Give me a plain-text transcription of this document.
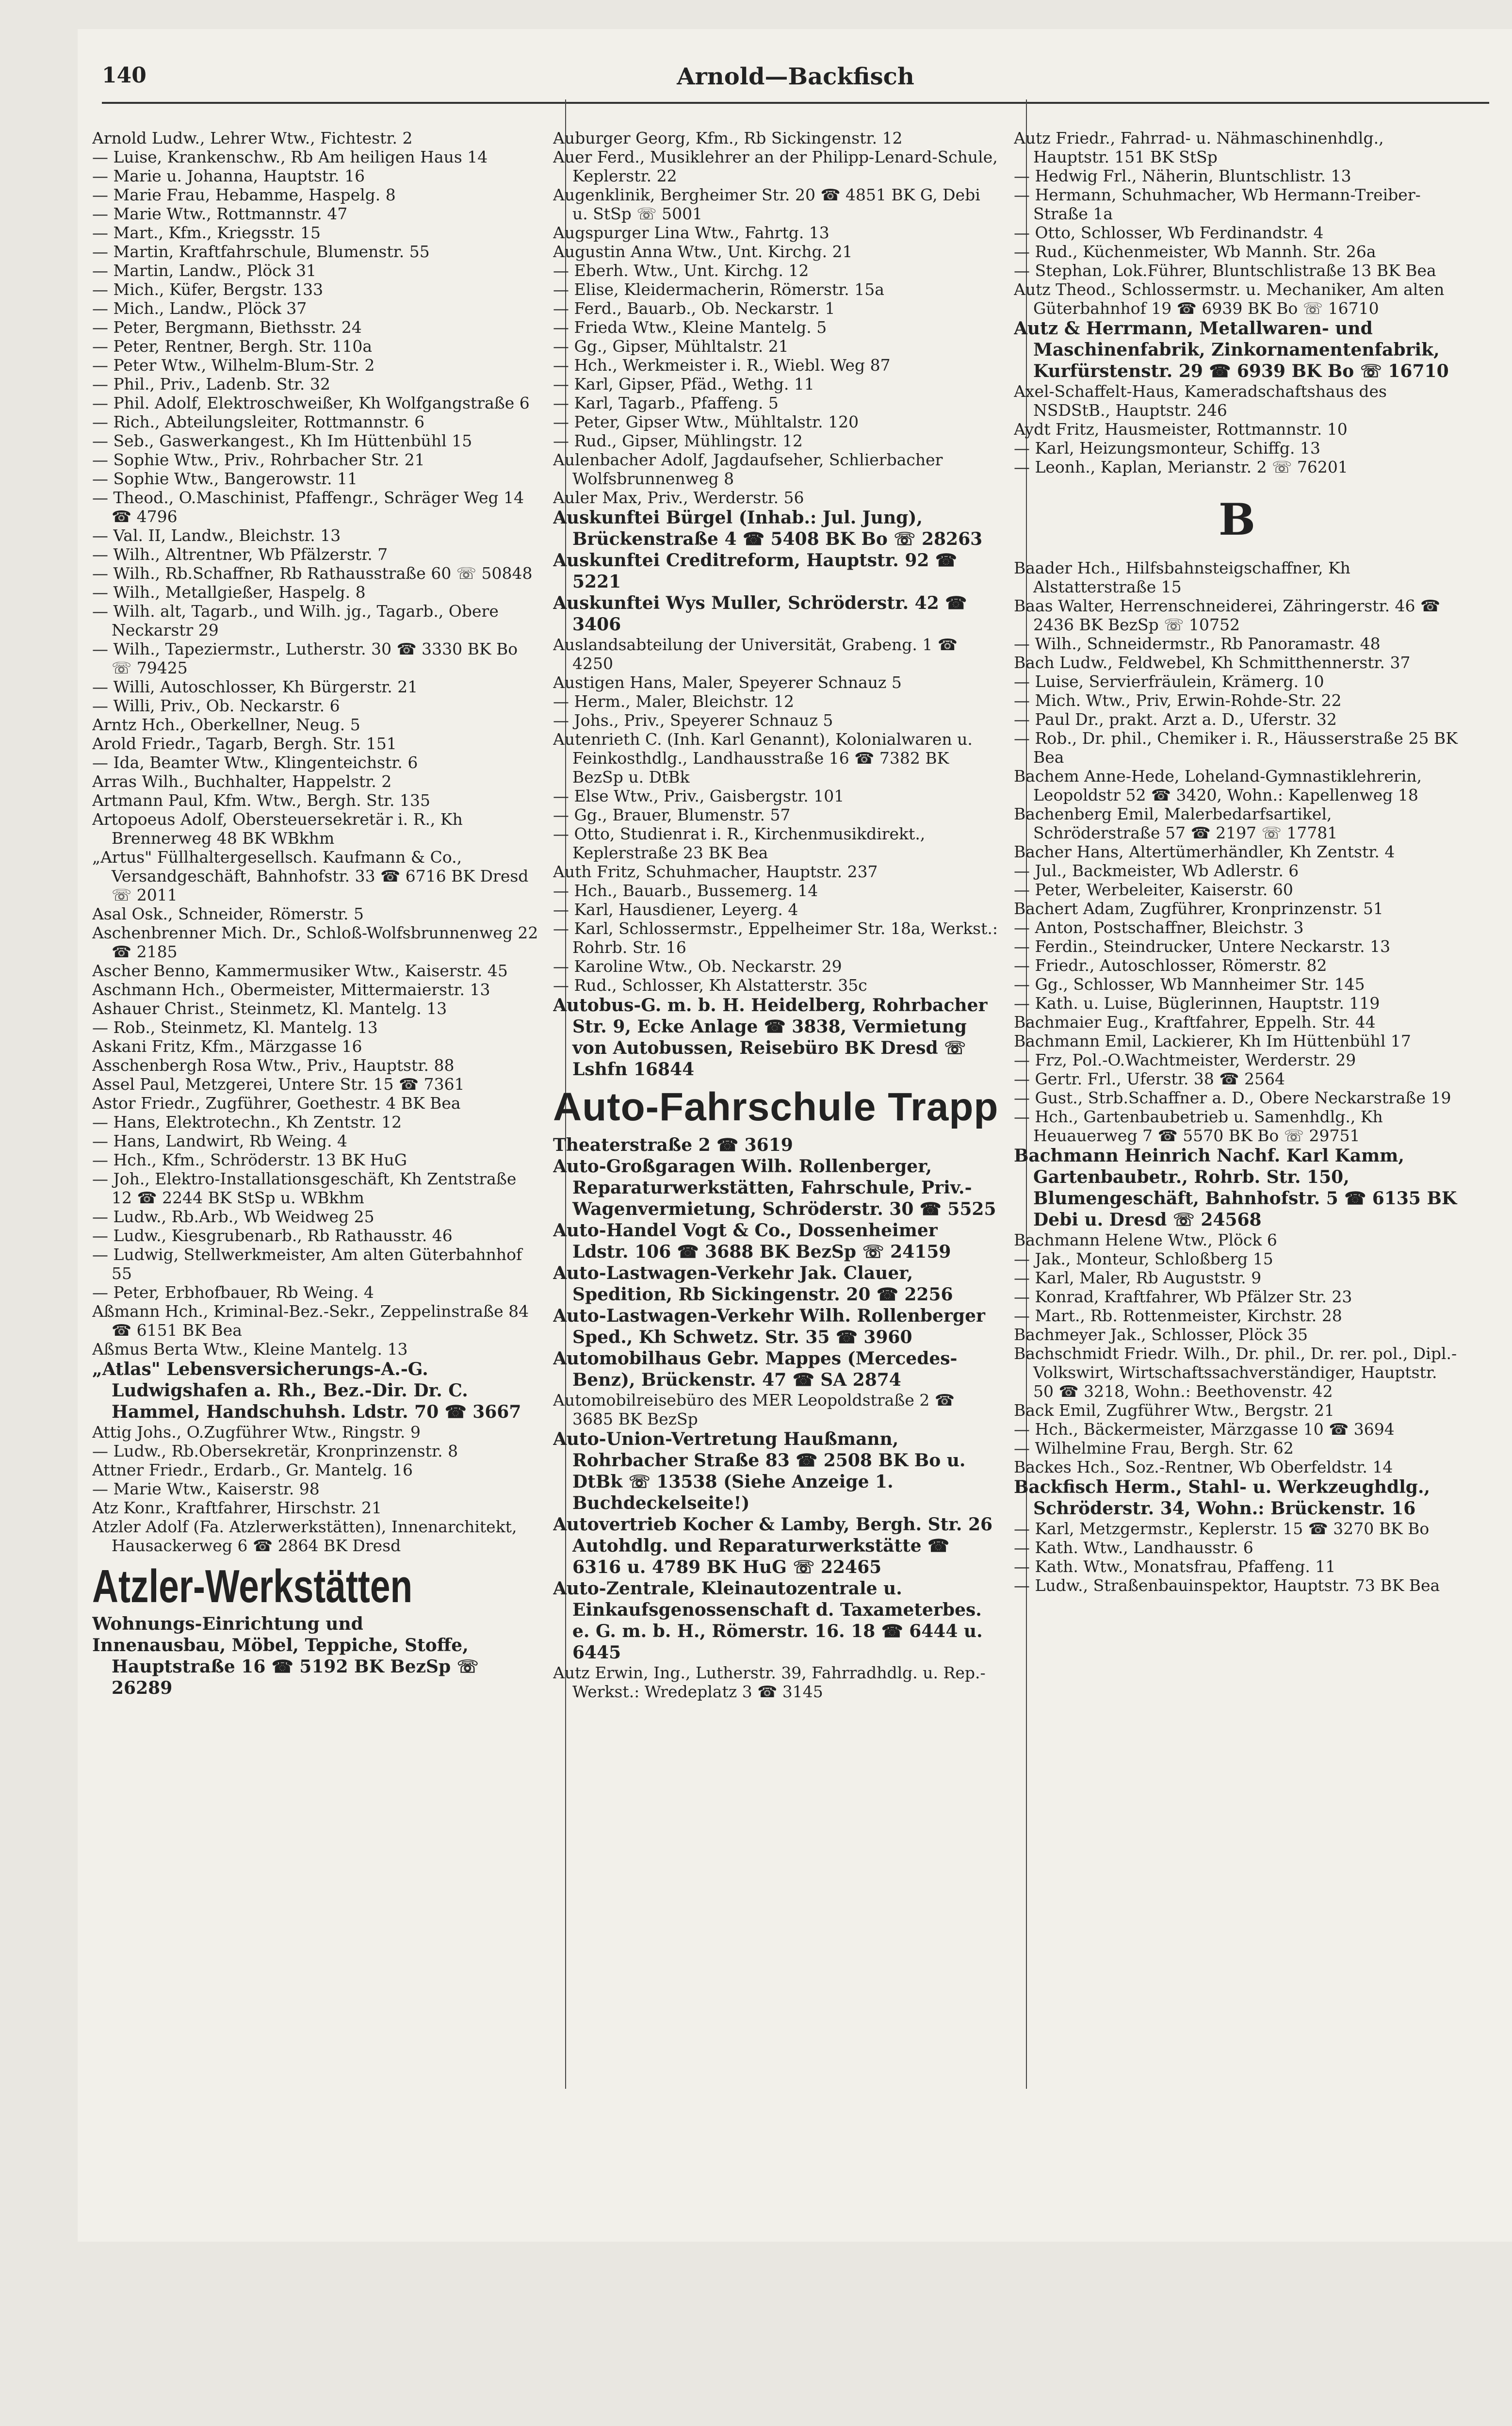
140	Arnold—Backfisch

Arnold Ludw., Lehrer Wtw., Fichtestr. 2

— Luise, Krankenschw., Rb Am heiligen Haus 14

— Marie u. Johanna, Hauptstr. 16

— Marie Frau, Hebamme, Haspelg. 8

— Marie Wtw., Rottmannstr. 47

— Mart., Kfm., Kriegsstr. 15

— Martin, Kraftfahrschule, Blumenstr. 55

— Martin, Landw., Plöck 31

— Mich., Küfer, Bergstr. 133

— Mich., Landw., Plöck 37

— Peter, Bergmann, Biethsstr. 24

— Peter, Rentner, Bergh. Str. 110a

— Peter Wtw., Wilhelm-Blum-Str. 2

— Phil., Priv., Ladenb. Str. 32

— Phil. Adolf, Elektroschweißer, Kh Wolfgangstraße 6

— Rich., Abteilungsleiter, Rottmannstr. 6

— Seb., Gaswerkangest., Kh Im Hüttenbühl 15

— Sophie Wtw., Priv., Rohrbacher Str. 21

— Sophie Wtw., Bangerowstr. 11

— Theod., O.Maschinist, Pfaffengr., Schräger Weg 14 ☎ 4796

— Val. II, Landw., Bleichstr. 13

— Wilh., Altrentner, Wb Pfälzerstr. 7

— Wilh., Rb.Schaffner, Rb Rathausstraße 60 ☏ 50848

— Wilh., Metallgießer, Haspelg. 8

— Wilh. alt, Tagarb., und Wilh. jg., Tagarb., Obere Neckarstr 29

— Wilh., Tapeziermstr., Lutherstr. 30 ☎ 3330 BK Bo ☏ 79425

— Willi, Autoschlosser, Kh Bürgerstr. 21

— Willi, Priv., Ob. Neckarstr. 6

Arntz Hch., Oberkellner, Neug. 5

Arold Friedr., Tagarb, Bergh. Str. 151

— Ida, Beamter Wtw., Klingenteichstr. 6

Arras Wilh., Buchhalter, Happelstr. 2

Artmann Paul, Kfm. Wtw., Bergh. Str. 135

Artopoeus Adolf, Obersteuersekretär i. R., Kh Brennerweg 48 BK WBkhm

„Artus" Füllhaltergesellsch. Kaufmann & Co., Versandgeschäft, Bahnhofstr. 33 ☎ 6716 BK Dresd ☏ 2011

Asal Osk., Schneider, Römerstr. 5

Aschenbrenner Mich. Dr., Schloß-Wolfsbrunnenweg 22 ☎ 2185

Ascher Benno, Kammermusiker Wtw., Kaiserstr. 45

Aschmann Hch., Obermeister, Mittermaierstr. 13

Ashauer Christ., Steinmetz, Kl. Mantelg. 13

— Rob., Steinmetz, Kl. Mantelg. 13

Askani Fritz, Kfm., Märzgasse 16

Asschenbergh Rosa Wtw., Priv., Hauptstr. 88

Assel Paul, Metzgerei, Untere Str. 15 ☎ 7361

Astor Friedr., Zugführer, Goethestr. 4 BK Bea

— Hans, Elektrotechn., Kh Zentstr. 12

— Hans, Landwirt, Rb Weing. 4

— Hch., Kfm., Schröderstr. 13 BK HuG

— Joh., Elektro-Installationsgeschäft, Kh Zentstraße 12 ☎ 2244 BK StSp u. WBkhm

— Ludw., Rb.Arb., Wb Weidweg 25

— Ludw., Kiesgrubenarb., Rb Rathausstr. 46

— Ludwig, Stellwerkmeister, Am alten Güterbahnhof 55

— Peter, Erbhofbauer, Rb Weing. 4

Aßmann Hch., Kriminal-Bez.-Sekr., Zeppelinstraße 84 ☎ 6151 BK Bea

Aßmus Berta Wtw., Kleine Mantelg. 13

„Atlas" Lebensversicherungs-A.-G. Ludwigshafen a. Rh., Bez.-Dir. Dr. C. Hammel, Handschuhsh. Ldstr. 70 ☎ 3667

Attig Johs., O.Zugführer Wtw., Ringstr. 9

— Ludw., Rb.Obersekretär, Kronprinzenstr. 8

Attner Friedr., Erdarb., Gr. Mantelg. 16

— Marie Wtw., Kaiserstr. 98

Atz Konr., Kraftfahrer, Hirschstr. 21

Atzler Adolf (Fa. Atzlerwerkstätten), Innenarchitekt, Hausackerweg 6 ☎ 2864 BK Dresd

Atzler-Werkstätten
Wohnungs-Einrichtung und
Innenausbau, Möbel, Teppiche, Stoffe, Hauptstraße 16 ☎ 5192 BK BezSp ☏ 26289

Auburger Georg, Kfm., Rb Sickingenstr. 12

Auer Ferd., Musiklehrer an der Philipp-Lenard-Schule, Keplerstr. 22

Augenklinik, Bergheimer Str. 20 ☎ 4851 BK G, Debi u. StSp ☏ 5001

Augspurger Lina Wtw., Fahrtg. 13

Augustin Anna Wtw., Unt. Kirchg. 21

— Eberh. Wtw., Unt. Kirchg. 12

— Elise, Kleidermacherin, Römerstr. 15a

— Ferd., Bauarb., Ob. Neckarstr. 1

— Frieda Wtw., Kleine Mantelg. 5

— Gg., Gipser, Mühltalstr. 21

— Hch., Werkmeister i. R., Wiebl. Weg 87

— Karl, Gipser, Pfäd., Wethg. 11

— Karl, Tagarb., Pfaffeng. 5

— Peter, Gipser Wtw., Mühltalstr. 120

— Rud., Gipser, Mühlingstr. 12

Aulenbacher Adolf, Jagdaufseher, Schlierbacher Wolfsbrunnenweg 8

Auler Max, Priv., Werderstr. 56

Auskunftei Bürgel (Inhab.: Jul. Jung), Brückenstraße 4 ☎ 5408 BK Bo ☏ 28263

Auskunftei Creditreform, Hauptstr. 92 ☎ 5221

Auskunftei Wys Muller, Schröderstr. 42 ☎ 3406

Auslandsabteilung der Universität, Grabeng. 1 ☎ 4250

Austigen Hans, Maler, Speyerer Schnauz 5

— Herm., Maler, Bleichstr. 12

— Johs., Priv., Speyerer Schnauz 5

Autenrieth C. (Inh. Karl Genannt), Kolonialwaren u. Feinkosthdlg., Landhausstraße 16 ☎ 7382 BK BezSp u. DtBk

— Else Wtw., Priv., Gaisbergstr. 101

— Gg., Brauer, Blumenstr. 57

— Otto, Studienrat i. R., Kirchenmusikdirekt., Keplerstraße 23 BK Bea

Auth Fritz, Schuhmacher, Hauptstr. 237

— Hch., Bauarb., Bussemerg. 14

— Karl, Hausdiener, Leyerg. 4

— Karl, Schlossermstr., Eppelheimer Str. 18a, Werkst.: Rohrb. Str. 16

— Karoline Wtw., Ob. Neckarstr. 29

— Rud., Schlosser, Kh Alstatterstr. 35c

Autobus-G. m. b. H. Heidelberg, Rohrbacher Str. 9, Ecke Anlage ☎ 3838, Vermietung von Autobussen, Reisebüro BK Dresd ☏ Lshfn 16844

Auto-Fahrschule Trapp

Theaterstraße 2 ☎ 3619

Auto-Großgaragen Wilh. Rollenberger, Reparaturwerkstätten, Fahrschule, Priv.-Wagenvermietung, Schröderstr. 30 ☎ 5525

Auto-Handel Vogt & Co., Dossenheimer Ldstr. 106 ☎ 3688 BK BezSp ☏ 24159

Auto-Lastwagen-Verkehr Jak. Clauer, Spedition, Rb Sickingenstr. 20 ☎ 2256

Auto-Lastwagen-Verkehr Wilh. Rollenberger Sped., Kh Schwetz. Str. 35 ☎ 3960

Automobilhaus Gebr. Mappes (Mercedes-Benz), Brückenstr. 47 ☎ SA 2874

Automobilreisebüro des MER Leopoldstraße 2 ☎ 3685 BK BezSp

Auto-Union-Vertretung Haußmann, Rohrbacher Straße 83 ☎ 2508 BK Bo u. DtBk ☏ 13538 (Siehe Anzeige 1. Buchdeckelseite!)

Autovertrieb Kocher & Lamby, Bergh. Str. 26 Autohdlg. und Reparaturwerkstätte ☎ 6316 u. 4789 BK HuG ☏ 22465

Auto-Zentrale, Kleinautozentrale u. Einkaufsgenossenschaft d. Taxameterbes. e. G. m. b. H., Römerstr. 16. 18 ☎ 6444 u. 6445

Autz Erwin, Ing., Lutherstr. 39, Fahrradhdlg. u. Rep.-Werkst.: Wredeplatz 3 ☎ 3145

Autz Friedr., Fahrrad- u. Nähmaschinenhdlg., Hauptstr. 151 BK StSp

— Hedwig Frl., Näherin, Bluntschlistr. 13

— Hermann, Schuhmacher, Wb Hermann-Treiber-Straße 1a

— Otto, Schlosser, Wb Ferdinandstr. 4

— Rud., Küchenmeister, Wb Mannh. Str. 26a

— Stephan, Lok.Führer, Bluntschlistraße 13 BK Bea

Autz Theod., Schlossermstr. u. Mechaniker, Am alten Güterbahnhof 19 ☎ 6939 BK Bo ☏ 16710

Autz & Herrmann, Metallwaren- und Maschinenfabrik, Zinkornamentenfabrik, Kurfürstenstr. 29 ☎ 6939 BK Bo ☏ 16710

Axel-Schaffelt-Haus, Kameradschaftshaus des NSDStB., Hauptstr. 246

Aydt Fritz, Hausmeister, Rottmannstr. 10

— Karl, Heizungsmonteur, Schiffg. 13

— Leonh., Kaplan, Merianstr. 2 ☏ 76201

B

Baader Hch., Hilfsbahnsteigschaffner, Kh Alstatterstraße 15

Baas Walter, Herrenschneiderei, Zähringerstr. 46 ☎ 2436 BK BezSp ☏ 10752

— Wilh., Schneidermstr., Rb Panoramastr. 48

Bach Ludw., Feldwebel, Kh Schmitthennerstr. 37

— Luise, Servierfräulein, Krämerg. 10

— Mich. Wtw., Priv, Erwin-Rohde-Str. 22

— Paul Dr., prakt. Arzt a. D., Uferstr. 32

— Rob., Dr. phil., Chemiker i. R., Häusserstraße 25 BK Bea

Bachem Anne-Hede, Loheland-Gymnastiklehrerin, Leopoldstr 52 ☎ 3420, Wohn.: Kapellenweg 18

Bachenberg Emil, Malerbedarfsartikel, Schröderstraße 57 ☎ 2197 ☏ 17781

Bacher Hans, Altertümerhändler, Kh Zentstr. 4

— Jul., Backmeister, Wb Adlerstr. 6

— Peter, Werbeleiter, Kaiserstr. 60

Bachert Adam, Zugführer, Kronprinzenstr. 51

— Anton, Postschaffner, Bleichstr. 3

— Ferdin., Steindrucker, Untere Neckarstr. 13

— Friedr., Autoschlosser, Römerstr. 82

— Gg., Schlosser, Wb Mannheimer Str. 145

— Kath. u. Luise, Büglerinnen, Hauptstr. 119

Bachmaier Eug., Kraftfahrer, Eppelh. Str. 44

Bachmann Emil, Lackierer, Kh Im Hüttenbühl 17

— Frz, Pol.-O.Wachtmeister, Werderstr. 29

— Gertr. Frl., Uferstr. 38 ☎ 2564

— Gust., Strb.Schaffner a. D., Obere Neckarstraße 19

— Hch., Gartenbaubetrieb u. Samenhdlg., Kh Heuauerweg 7 ☎ 5570 BK Bo ☏ 29751

Bachmann Heinrich Nachf. Karl Kamm, Gartenbaubetr., Rohrb. Str. 150, Blumengeschäft, Bahnhofstr. 5 ☎ 6135 BK Debi u. Dresd ☏ 24568

Bachmann Helene Wtw., Plöck 6

— Jak., Monteur, Schloßberg 15

— Karl, Maler, Rb Auguststr. 9

— Konrad, Kraftfahrer, Wb Pfälzer Str. 23

— Mart., Rb. Rottenmeister, Kirchstr. 28

Bachmeyer Jak., Schlosser, Plöck 35

Bachschmidt Friedr. Wilh., Dr. phil., Dr. rer. pol., Dipl.-Volkswirt, Wirtschaftssachverständiger, Hauptstr. 50 ☎ 3218, Wohn.: Beethovenstr. 42

Back Emil, Zugführer Wtw., Bergstr. 21

— Hch., Bäckermeister, Märzgasse 10 ☎ 3694

— Wilhelmine Frau, Bergh. Str. 62

Backes Hch., Soz.-Rentner, Wb Oberfeldstr. 14

Backfisch Herm., Stahl- u. Werkzeughdlg., Schröderstr. 34, Wohn.: Brückenstr. 16

— Karl, Metzgermstr., Keplerstr. 15 ☎ 3270 BK Bo

— Kath. Wtw., Landhausstr. 6

— Kath. Wtw., Monatsfrau, Pfaffeng. 11

— Ludw., Straßenbauinspektor, Hauptstr. 73 BK Bea
